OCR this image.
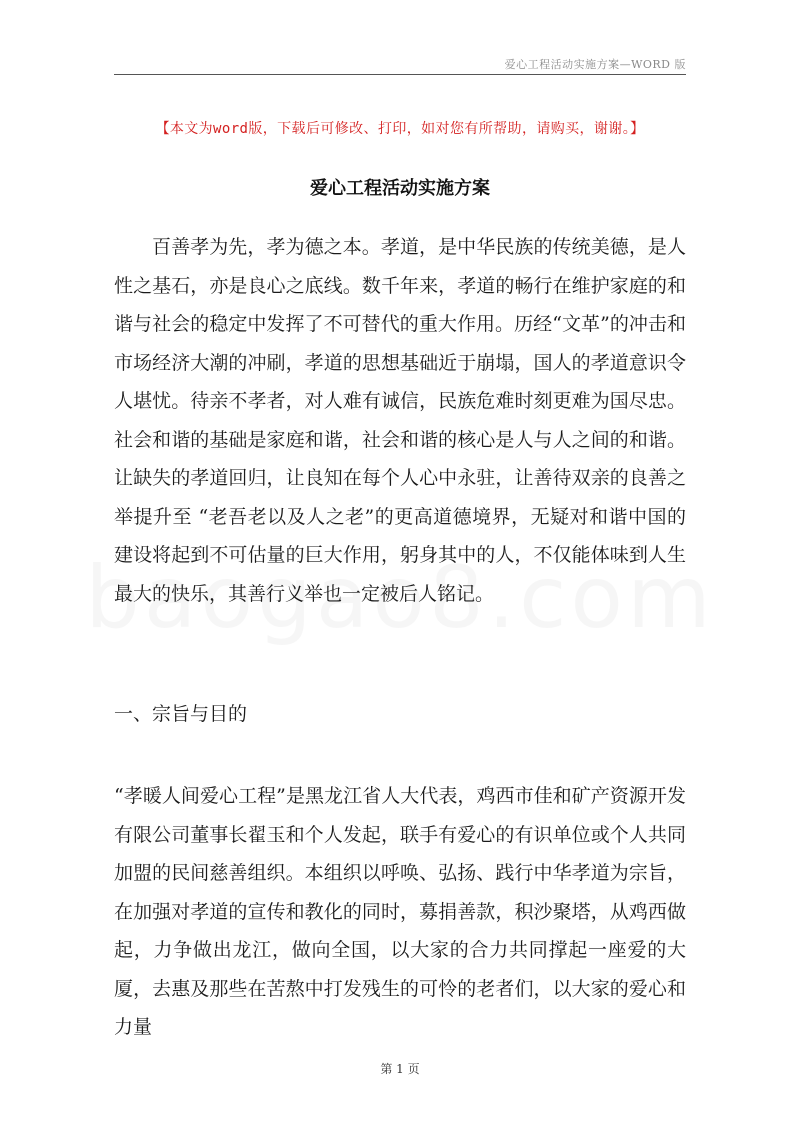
爱心工程活动实施方案—WORD 版
【本文为word版，下载后可修改、打印，如对您有所帮助，请购买，谢谢。】
爱心工程活动实施方案

百善孝为先，孝为德之本。孝道，是中华民族的传统美德，是人性之基石，亦是良心之底线。数千年来，孝道的畅行在维护家庭的和谐与社会的稳定中发挥了不可替代的重大作用。历经“文革”的冲击和市场经济大潮的冲刷，孝道的思想基础近于崩塌，国人的孝道意识令人堪忧。待亲不孝者，对人难有诚信，民族危难时刻更难为国尽忠。社会和谐的基础是家庭和谐，社会和谐的核心是人与人之间的和谐。让缺失的孝道回归，让良知在每个人心中永驻，让善待双亲的良善之举提升至 “老吾老以及人之老”的更高道德境界，无疑对和谐中国的建设将起到不可估量的巨大作用，躬身其中的人，不仅能体味到人生最大的快乐，其善行义举也一定被后人铭记。

一、宗旨与目的

“孝暖人间爱心工程”是黑龙江省人大代表，鸡西市佳和矿产资源开发有限公司董事长翟玉和个人发起，联手有爱心的有识单位或个人共同加盟的民间慈善组织。本组织以呼唤、弘扬、践行中华孝道为宗旨，在加强对孝道的宣传和教化的同时，募捐善款，积沙聚塔，从鸡西做起，力争做出龙江，做向全国，以大家的合力共同撑起一座爱的大厦，去惠及那些在苦熬中打发残生的可怜的老者们，以大家的爱心和力量

第 1 页
